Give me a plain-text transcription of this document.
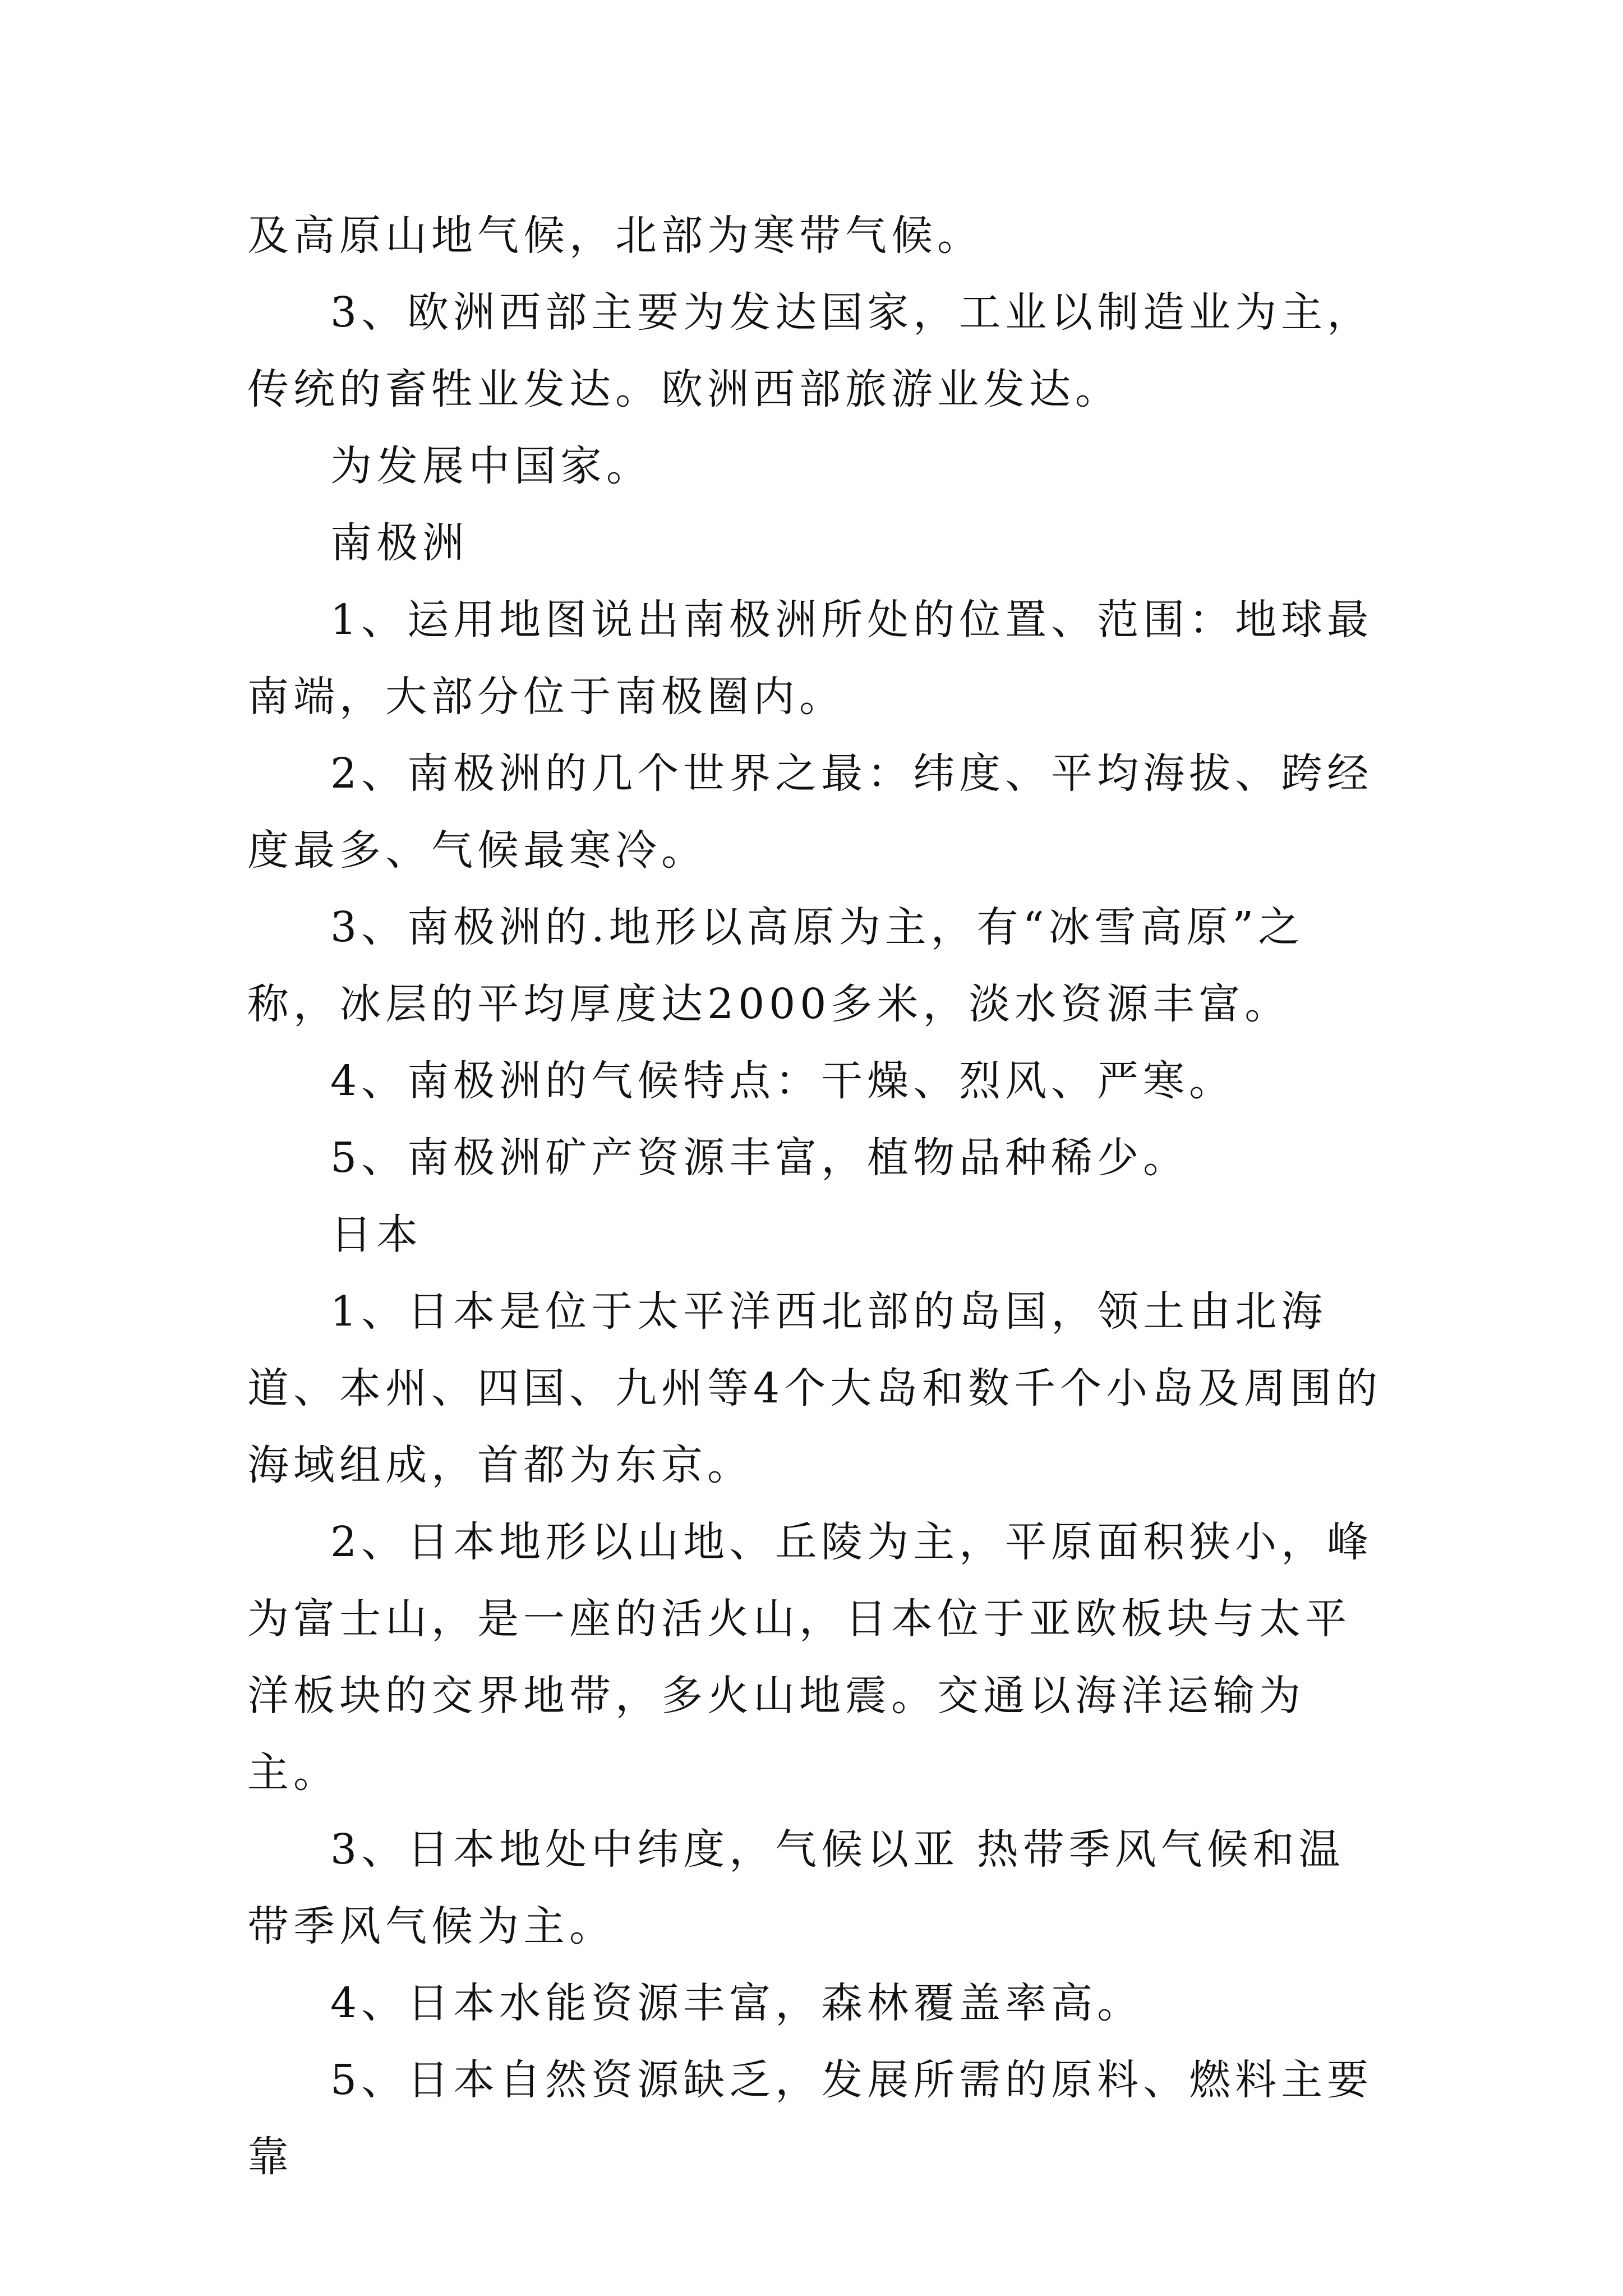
及高原山地气候，北部为寒带气候。

3、欧洲西部主要为发达国家，工业以制造业为主，传统的畜牲业发达。欧洲西部旅游业发达。

为发展中国家。

南极洲

1、运用地图说出南极洲所处的位置、范围：地球最南端，大部分位于南极圈内。

2、南极洲的几个世界之最：纬度、平均海拔、跨经度最多、气候最寒冷。

3、南极洲的.地形以高原为主，有“冰雪高原”之称，冰层的平均厚度达2000多米，淡水资源丰富。

4、南极洲的气候特点：干燥、烈风、严寒。

5、南极洲矿产资源丰富，植物品种稀少。

日本

1、日本是位于太平洋西北部的岛国，领土由北海道、本州、四国、九州等4个大岛和数千个小岛及周围的海域组成，首都为东京。

2、日本地形以山地、丘陵为主，平原面积狭小，峰为富士山，是一座的活火山，日本位于亚欧板块与太平洋板块的交界地带，多火山地震。交通以海洋运输为主。

3、日本地处中纬度，气候以亚 热带季风气候和温带季风气候为主。

4、日本水能资源丰富，森林覆盖率高。

5、日本自然资源缺乏，发展所需的原料、燃料主要靠
